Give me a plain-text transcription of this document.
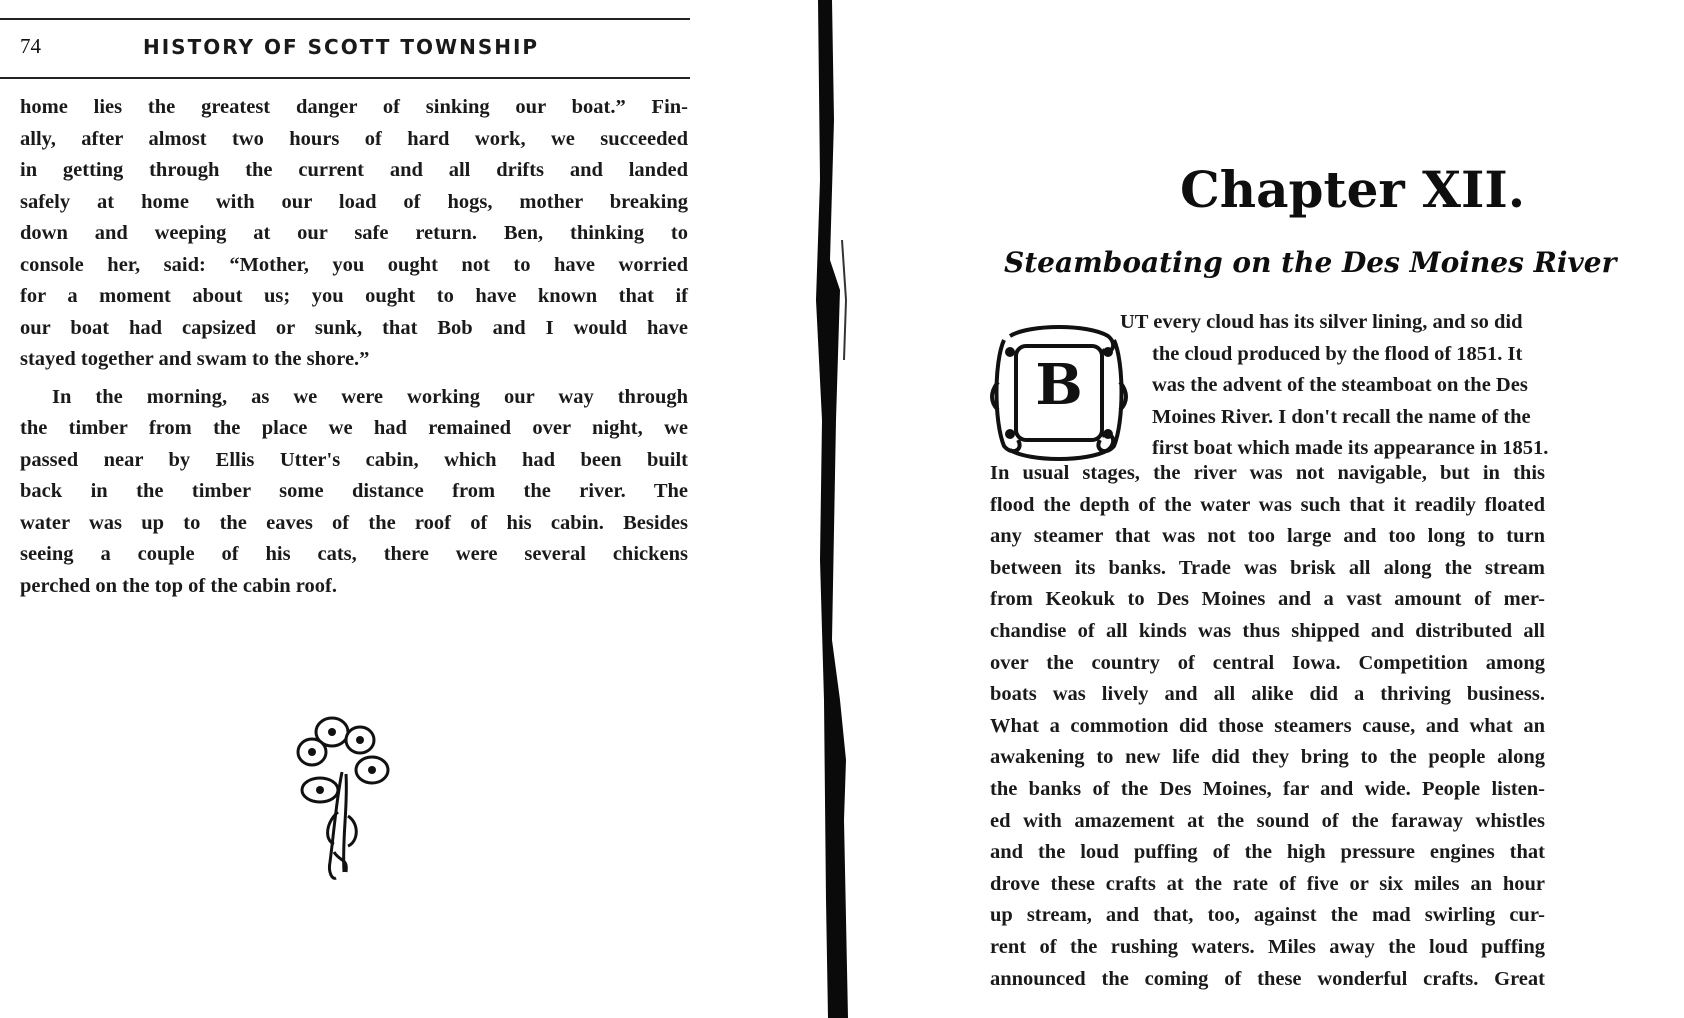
74	HISTORY OF SCOTT TOWNSHIP
home lies the greatest danger of sinking our boat.” Fin-
ally, after almost two hours of hard work, we succeeded
in getting through the current and all drifts and landed
safely at home with our load of hogs, mother breaking
down and weeping at our safe return. Ben, thinking to
console her, said: “Mother, you ought not to have worried
for a moment about us; you ought to have known that if
our boat had capsized or sunk, that Bob and I would have
stayed together and swam to the shore.”
In the morning, as we were working our way through
the timber from the place we had remained over night, we
passed near by Ellis Utter's cabin, which had been built
back in the timber some distance from the river. The
water was up to the eaves of the roof of his cabin. Besides
seeing a couple of his cats, there were several chickens
perched on the top of the cabin roof.
Chapter XII.
Steamboating on the Des Moines River
B
UT every cloud has its silver lining, and so did
the cloud produced by the flood of 1851. It
was the advent of the steamboat on the Des
Moines River. I don't recall the name of the
first boat which made its appearance in 1851.
In usual stages, the river was not navigable, but in this
flood the depth of the water was such that it readily floated
any steamer that was not too large and too long to turn
between its banks. Trade was brisk all along the stream
from Keokuk to Des Moines and a vast amount of mer-
chandise of all kinds was thus shipped and distributed all
over the country of central Iowa. Competition among
boats was lively and all alike did a thriving business.
What a commotion did those steamers cause, and what an
awakening to new life did they bring to the people along
the banks of the Des Moines, far and wide. People listen-
ed with amazement at the sound of the faraway whistles
and the loud puffing of the high pressure engines that
drove these crafts at the rate of five or six miles an hour
up stream, and that, too, against the mad swirling cur-
rent of the rushing waters. Miles away the loud puffing
announced the coming of these wonderful crafts. Great
